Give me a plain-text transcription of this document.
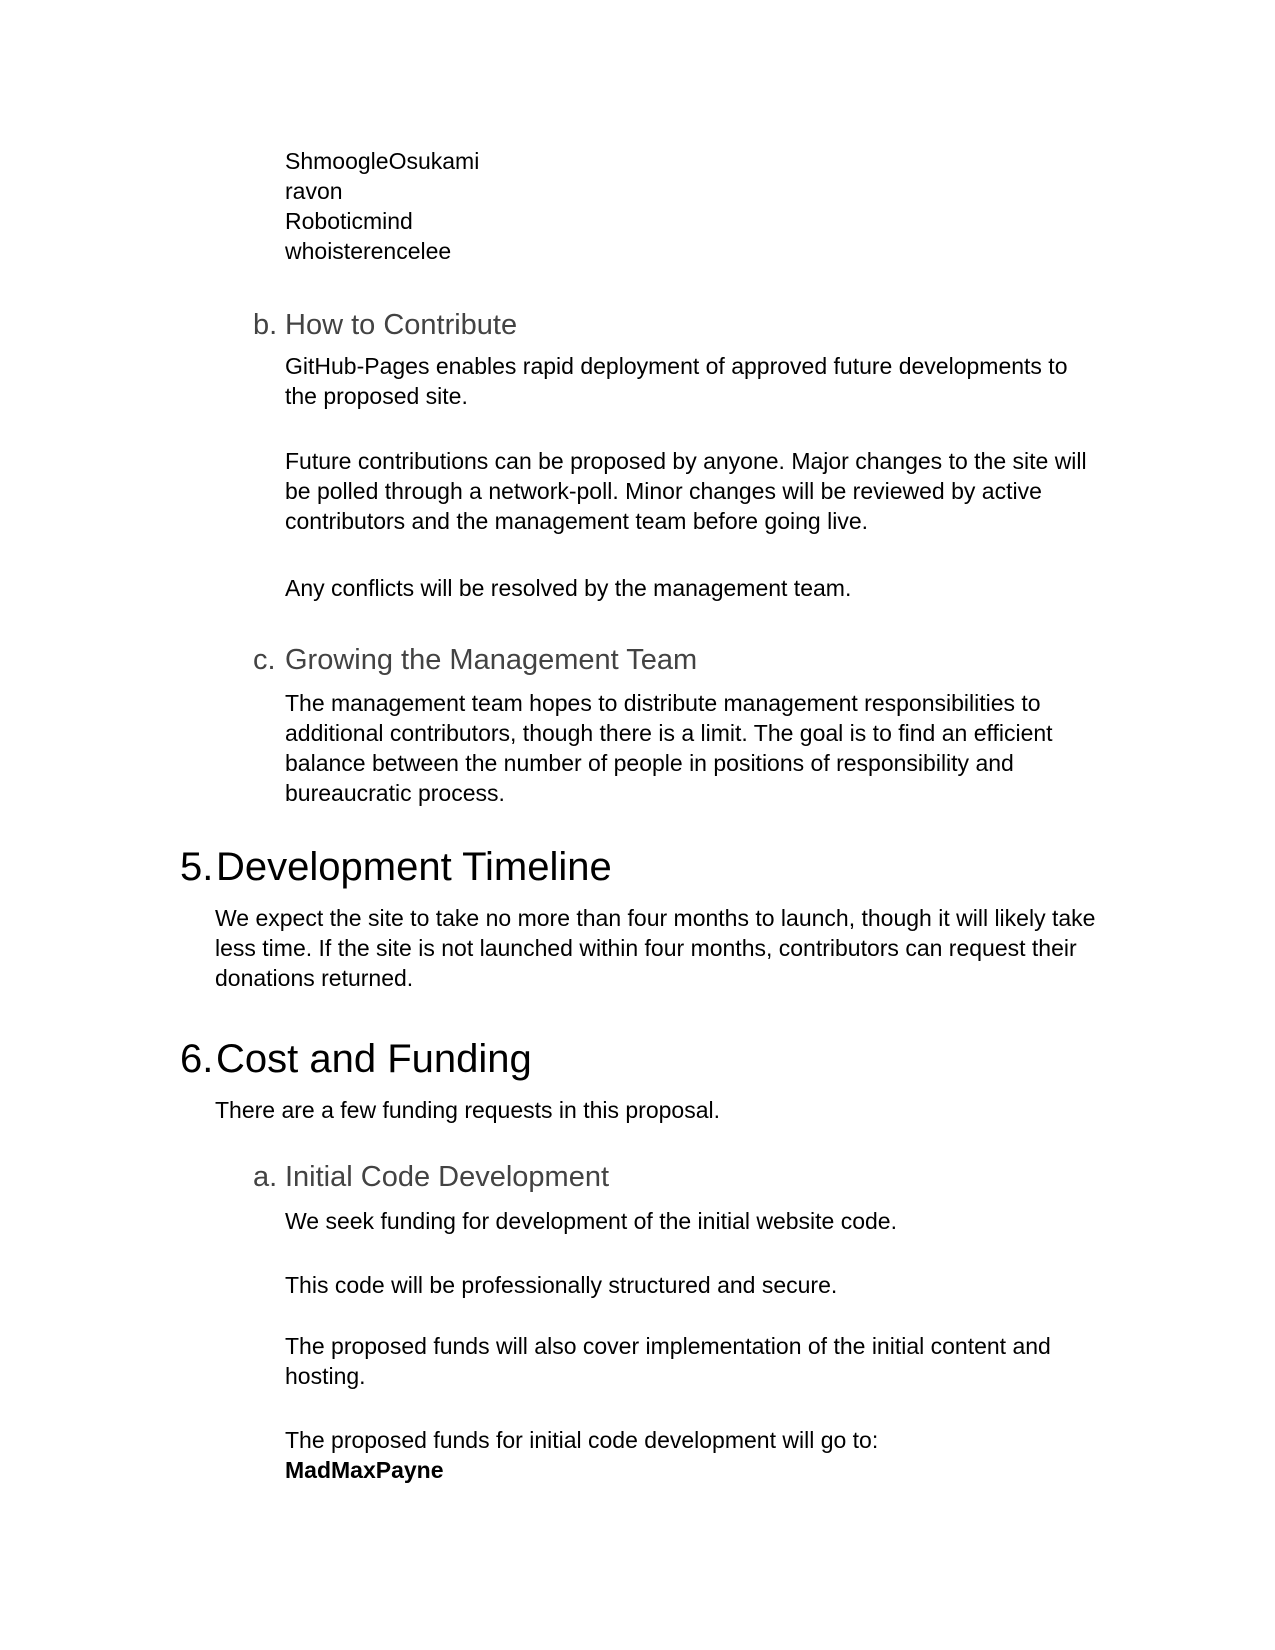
ShmoogleOsukami
ravon
Roboticmind
whoisterencelee
b. How to Contribute
GitHub-Pages enables rapid deployment of approved future developments to the proposed site.
Future contributions can be proposed by anyone. Major changes to the site will be polled through a network-poll. Minor changes will be reviewed by active contributors and the management team before going live.
Any conflicts will be resolved by the management team.
c. Growing the Management Team
The management team hopes to distribute management responsibilities to additional contributors, though there is a limit. The goal is to find an efficient balance between the number of people in positions of responsibility and bureaucratic process.
5. Development Timeline
We expect the site to take no more than four months to launch, though it will likely take less time. If the site is not launched within four months, contributors can request their donations returned.
6. Cost and Funding
There are a few funding requests in this proposal.
a. Initial Code Development
We seek funding for development of the initial website code.
This code will be professionally structured and secure.
The proposed funds will also cover implementation of the initial content and hosting.
The proposed funds for initial code development will go to:
MadMaxPayne
